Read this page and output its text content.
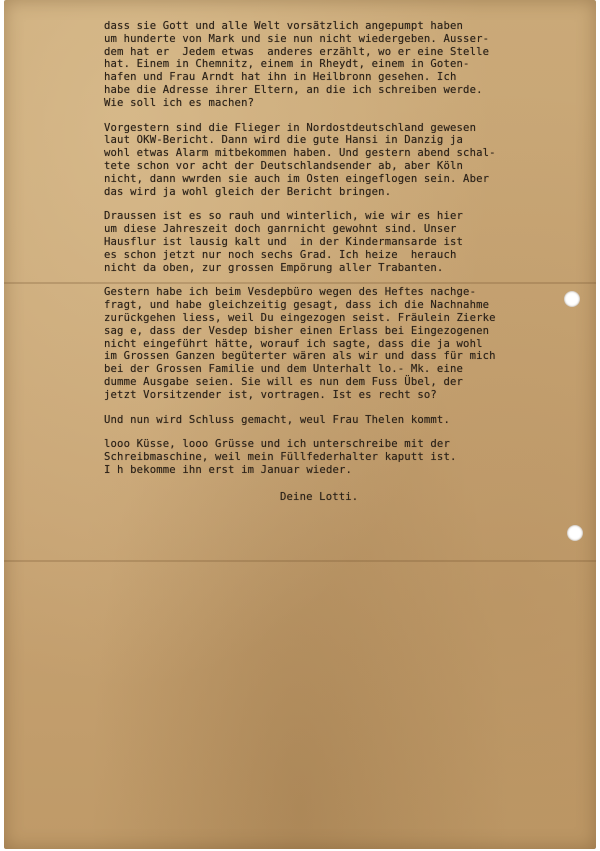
dass sie Gott und alle Welt vorsätzlich angepumpt haben
um hunderte von Mark und sie nun nicht wiedergeben. Ausser-
dem hat er  Jedem etwas  anderes erzählt, wo er eine Stelle
hat. Einem in Chemnitz, einem in Rheydt, einem in Goten-
hafen und Frau Arndt hat ihn in Heilbronn gesehen. Ich
habe die Adresse ihrer Eltern, an die ich schreiben werde.
Wie soll ich es machen?
Vorgestern sind die Flieger in Nordostdeutschland gewesen
laut OKW-Bericht. Dann wird die gute Hansi in Danzig ja
wohl etwas Alarm mitbekommen haben. Und gestern abend schal-
tete schon vor acht der Deutschlandsender ab, aber Köln
nicht, dann wwrden sie auch im Osten eingeflogen sein. Aber
das wird ja wohl gleich der Bericht bringen.
Draussen ist es so rauh und winterlich, wie wir es hier
um diese Jahreszeit doch ganrnicht gewohnt sind. Unser
Hausflur ist lausig kalt und  in der Kindermansarde ist
es schon jetzt nur noch sechs Grad. Ich heize  herauch
nicht da oben, zur grossen Empörung aller Trabanten.
Gestern habe ich beim Vesdepbüro wegen des Heftes nachge-
fragt, und habe gleichzeitig gesagt, dass ich die Nachnahme
zurückgehen liess, weil Du eingezogen seist. Fräulein Zierke
sag e, dass der Vesdep bisher einen Erlass bei Eingezogenen
nicht eingeführt hätte, worauf ich sagte, dass die ja wohl
im Grossen Ganzen begüterter wären als wir und dass für mich
bei der Grossen Familie und dem Unterhalt lo.- Mk. eine
dumme Ausgabe seien. Sie will es nun dem Fuss Übel, der
jetzt Vorsitzender ist, vortragen. Ist es recht so?
Und nun wird Schluss gemacht, weul Frau Thelen kommt.
looo Küsse, looo Grüsse und ich unterschreibe mit der
Schreibmaschine, weil mein Füllfederhalter kaputt ist.
I h bekomme ihn erst im Januar wieder.
Deine Lotti.
